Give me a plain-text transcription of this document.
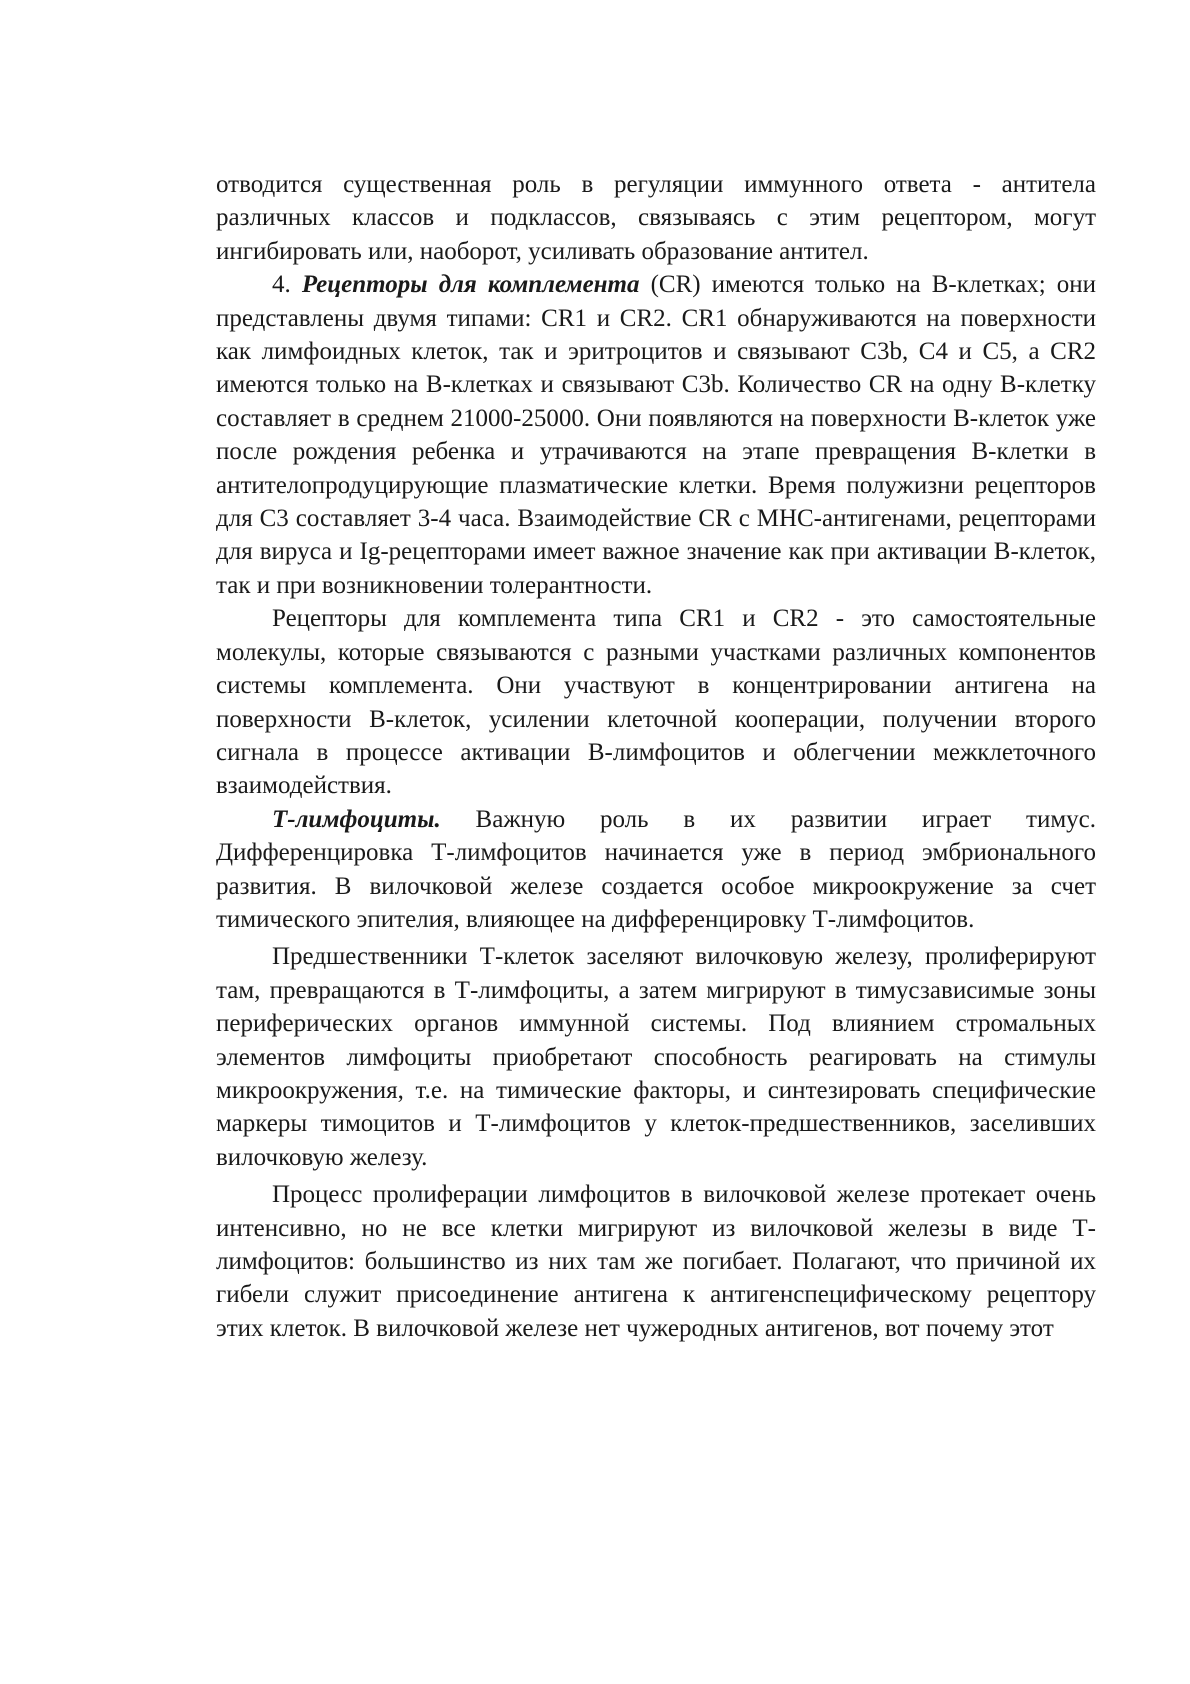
отводится существенная роль в регуляции иммунного ответа - антитела различных классов и подклассов, связываясь с этим рецептором, могут ингибировать или, наоборот, усиливать образование антител.

4. Рецепторы для комплемента (CR) имеются только на В-клетках; они представлены двумя типами: CR1 и CR2. CR1 обнаруживаются на поверхности как лимфоидных клеток, так и эритроцитов и связывают С3b, С4 и С5, а CR2 имеются только на В-клетках и связывают С3b. Количество CR на одну В-клетку составляет в среднем 21000-25000. Они появляются на поверхности В-клеток уже после рождения ребенка и утрачиваются на этапе превращения В-клетки в антителопродуцирующие плазматические клетки. Время полужизни рецепторов для С3 составляет 3-4 часа. Взаимодействие CR с МНС-антигенами, рецепторами для вируса и Ig-рецепторами имеет важное значение как при активации В-клеток, так и при возникновении толерантности.

Рецепторы для комплемента типа CR1 и CR2 - это самостоятельные молекулы, которые связываются с разными участками различных компонентов системы комплемента. Они участвуют в концентрировании антигена на поверхности В-клеток, усилении клеточной кооперации, получении второго сигнала в процессе активации В-лимфоцитов и облегчении межклеточного взаимодействия.

Т-лимфоциты. Важную роль в их развитии играет тимус. Дифференцировка Т-лимфоцитов начинается уже в период эмбрионального развития. В вилочковой железе создается особое микроокружение за счет тимического эпителия, влияющее на дифференцировку Т-лимфоцитов.

Предшественники Т-клеток заселяют вилочковую железу, пролиферируют там, превращаются в Т-лимфоциты, а затем мигрируют в тимусзависимые зоны периферических органов иммунной системы. Под влиянием стромальных элементов лимфоциты приобретают способность реагировать на стимулы микроокружения, т.е. на тимические факторы, и синтезировать специфические маркеры тимоцитов и Т-лимфоцитов у клеток-предшественников, заселивших вилочковую железу.

Процесс пролиферации лимфоцитов в вилочковой железе протекает очень интенсивно, но не все клетки мигрируют из вилочковой железы в виде Т-лимфоцитов: большинство из них там же погибает. Полагают, что причиной их гибели служит присоединение антигена к антигенспецифическому рецептору этих клеток. В вилочковой железе нет чужеродных антигенов, вот почему этот
